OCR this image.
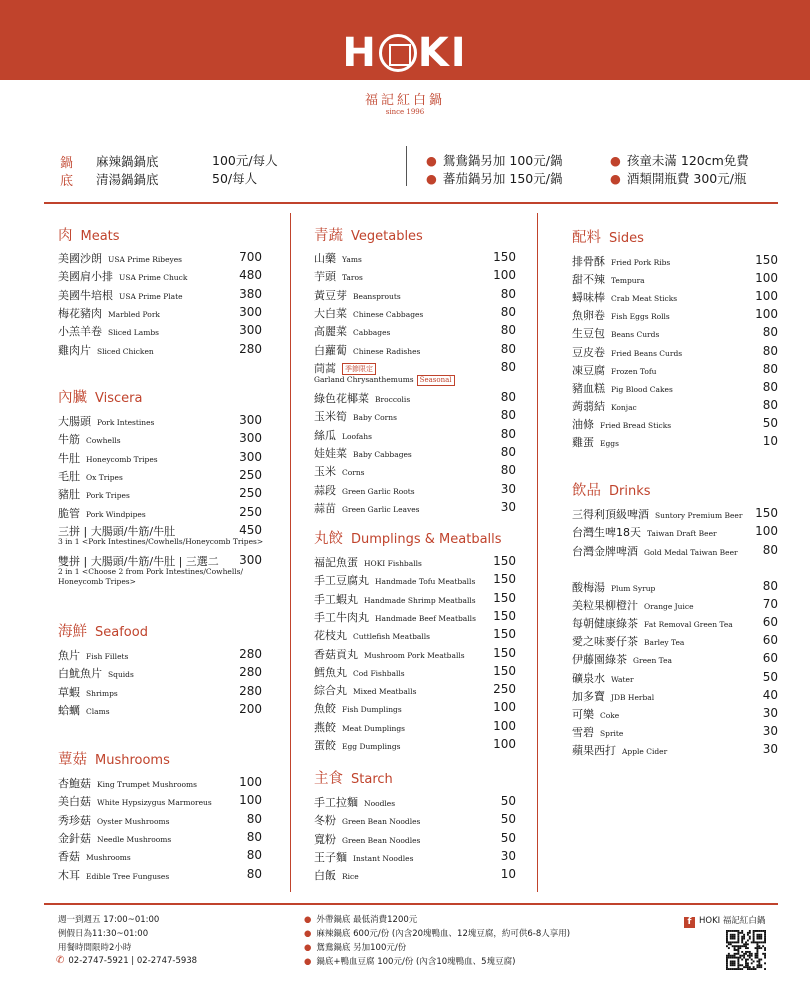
H KI
福記紅白鍋
since 1996
鍋
底
麻辣鍋鍋底	100元/每人
清湯鍋鍋底	50/每人
● 鴛鴦鍋另加 100元/鍋
● 蕃茄鍋另加 150元/鍋
● 孩童未滿 120cm免費
● 酒類開瓶費 300元/瓶
肉 Meats
美國沙朗 USA Prime Ribeyes	700
美國肩小排 USA Prime Chuck	480
美國牛培根 USA Prime Plate	380
梅花豬肉 Marbled Pork	300
小羔羊卷 Sliced Lambs	300
雞肉片 Sliced Chicken	280
內臟 Viscera
大腸頭 Pork Intestines	300
牛筋 Cowhells	300
牛肚 Honeycomb Tripes	300
毛肚 Ox Tripes	250
豬肚 Pork Tripes	250
脆管 Pork Windpipes	250
三拼 | 大腸頭/牛筋/牛肚	450
3 in 1 <Pork Intestines/Cowhells/Honeycomb Tripes>
雙拼 | 大腸頭/牛筋/牛肚 | 三選二 300
2 in 1 <Choose 2 from Pork Intestines/Cowhells/
Honeycomb Tripes>
海鮮 Seafood
魚片 Fish Fillets	280
白魷魚片 Squids	280
草蝦 Shrimps	280
蛤蠣 Clams	200
蕈菇 Mushrooms
杏鮑菇 King Trumpet Mushrooms	100
美白菇 White Hypsizygus Marmoreus 100
秀珍菇 Oyster Mushrooms	80
金針菇 Needle Mushrooms	80
香菇 Mushrooms	80
木耳 Edible Tree Funguses	80
青蔬 Vegetables
山藥 Yams	150
芋頭 Taros	100
黃豆芽 Beansprouts	80
大白菜 Chinese Cabbages	80
高麗菜 Cabbages	80
白蘿蔔 Chinese Radishes	80
茼蒿 季節限定	80
Garland Chrysanthemums Seasonal
綠色花椰菜 Broccolis	80
玉米筍 Baby Corns	80
絲瓜 Loofahs	80
娃娃菜 Baby Cabbages	80
玉米 Corns	80
蒜段 Green Garlic Roots	30
蒜苗 Green Garlic Leaves	30
丸餃 Dumplings & Meatballs
福記魚蛋 HOKI Fishballs	150
手工豆腐丸 Handmade Tofu Meatballs 150
手工蝦丸 Handmade Shrimp Meatballs 150
手工牛肉丸 Handmade Beef Meatballs 150
花枝丸 Cuttlefish Meatballs	150
香菇貢丸 Mushroom Pork Meatballs 150
鱈魚丸 Cod Fishballs	150
綜合丸 Mixed Meatballs	250
魚餃 Fish Dumplings	100
燕餃 Meat Dumplings	100
蛋餃 Egg Dumplings	100
主食 Starch
手工拉麵 Noodles	50
冬粉 Green Bean Noodles	50
寬粉 Green Bean Noodles	50
王子麵 Instant Noodles	30
白飯 Rice	10
配料 Sides
排骨酥 Fried Pork Ribs	150
甜不辣 Tempura	100
蟳味棒 Crab Meat Sticks	100
魚卵卷 Fish Eggs Rolls	100
生豆包 Beans Curds	80
豆皮卷 Fried Beans Curds	80
凍豆腐 Frozen Tofu	80
豬血糕 Pig Blood Cakes	80
蒟蒻結 Konjac	80
油條 Fried Bread Sticks	50
雞蛋 Eggs	10
飲品 Drinks
三得利頂級啤酒 Suntory Premium Beer 150
台灣生啤18天 Taiwan Draft Beer	100
台灣金牌啤酒 Gold Medal Taiwan Beer 80
酸梅湯 Plum Syrup	80
美粒果柳橙汁 Orange Juice	70
每朝健康綠茶 Fat Removal Green Tea 60
愛之味麥仔茶 Barley Tea	60
伊藤園綠茶 Green Tea	60
礦泉水 Water	50
加多寶 JDB Herbal	40
可樂 Coke	30
雪碧 Sprite	30
蘋果西打 Apple Cider	30
週一到週五 17:00~01:00
例假日為11:30~01:00
用餐時間限時2小時
✆ 02-2747-5921 | 02-2747-5938
● 外帶鍋底 最低消費1200元
● 麻辣鍋底 600元/份 (內含20塊鴨血、12塊豆腐，約可供6-8人享用)
● 鴛鴦鍋底 另加100元/份
● 鍋底+鴨血豆腐 100元/份 (內含10塊鴨血、5塊豆腐)
f HOKI 福記紅白鍋
